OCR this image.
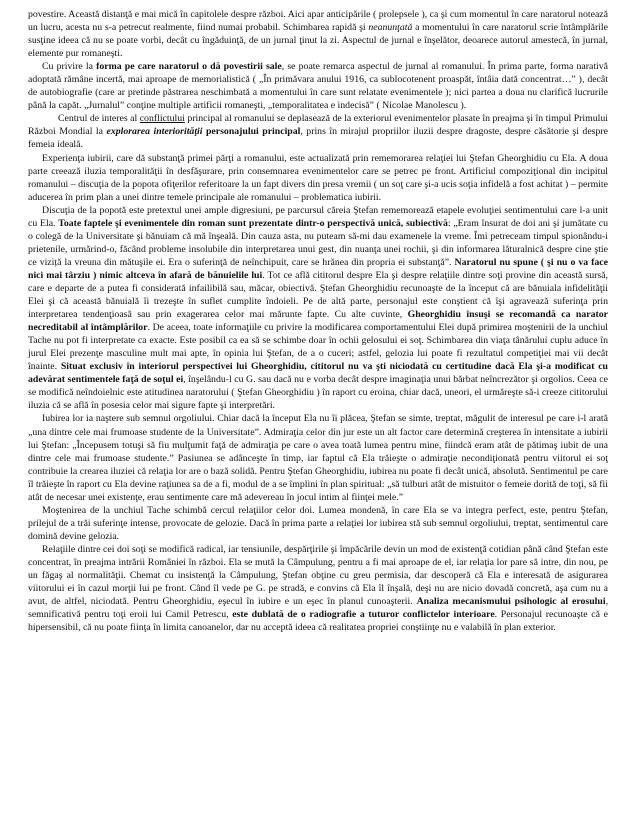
povestire. Această distanţă e mai mică în capitolele despre război. Aici apar anticipările ( prolepsele ), ca şi cum momentul în care naratorul notează un lucru, acesta nu s-a petrecut realmente, fiind numai probabil. Schimbarea rapidă şi neanunţată a momentului în care naratorul scrie întâmplările susţine ideea că nu se poate vorbi, decât cu îngăduinţă, de un jurnal ţinut la zi. Aspectul de jurnal e înşelător, deoarece autorul amestecă, în jurnal, elemente pur romaneşti.

Cu privire la forma pe care naratorul o dă povestirii sale, se poate remarca aspectul de jurnal al romanului. În prima parte, forma narativă adoptată rămâne incertă, mai aproape de memorialistică ( „În primăvara anului 1916, ca sublocotenent proaspăt, întâia dată concentrat…” ), decât de autobiografie (care ar pretinde păstrarea neschimbată a momentului în care sunt relatate evenimentele ); nici partea a doua nu clarifică lucrurile până la capăt. „Jurnalul” conţine multiple artificii romaneşti, „temporalitatea e indecisă” ( Nicolae Manolescu ).

Centrul de interes al conflictului principal al romanului se deplasează de la exteriorul evenimentelor plasate în preajma şi în timpul Primului Război Mondial la explorarea interiorităţii personajului principal, prins în mirajul propriilor iluzii despre dragoste, despre căsătorie şi despre femeia ideală.

Experienţa iubirii, care dă substanţă primei părţi a romanului, este actualizată prin rememorarea relaţiei lui Ştefan Gheorghidiu cu Ela. A doua parte creează iluzia temporalităţii în desfăşurare, prin consemnarea evenimentelor care se petrec pe front. Artificiul compoziţional din incipitul romanului – discuţia de la popota ofiţerilor referitoare la un fapt divers din presa vremii ( un soţ care şi-a ucis soţia infidelă a fost achitat ) – permite aducerea în prim plan a unei dintre temele principale ale romanului – problematica iubirii.

Discuţia de la popotă este pretextul unei ample digresiuni, pe parcursul căreia Ştefan rememorează etapele evoluţiei sentimentului care l-a unit cu Ela. Toate faptele şi evenimentele din roman sunt prezentate dintr-o perspectivă unică, subiectivă: „Eram însurat de doi ani şi jumătate cu o colegă de la Universitate şi bănuiam că mă înşeală. Din cauza asta, nu puteam să-mi dau examenele la vreme. Îmi petreceam timpul spionându-i prietenile, urmărind-o, făcând probleme insolubile din interpretarea unui gest, din nuanţa unei rochii, şi din informarea lăturalnică despre cine ştie ce viziță la vreuna din mătuşile ei. Era o suferinţă de neînchipuit, care se hrănea din propria ei substanţă”. Naratorul nu spune ( şi nu o va face nici mai târziu ) nimic altceva în afară de bănuielile lui. Tot ce află cititorul despre Ela şi despre relaţiile dintre soţi provine din această sursă, care e departe de a putea fi considerată infailibilă sau, măcar, obiectivă. Ştefan Gheorghidiu recunoaşte de la început că are bănuiala infidelităţii Elei şi că această bănuială îi trezeşte în suflet cumplite îndoieli. Pe de altă parte, personajul este conştient că îşi agravează suferinţa prin interpretarea tendenţioasă sau prin exagerarea celor mai mărunte fapte. Cu alte cuvinte, Gheorghidiu însuşi se recomandă ca narator necreditabil al întâmplărilor. De aceea, toate informaţiile cu privire la modificarea comportamentului Elei după primirea moştenirii de la unchiul Tache nu pot fi interpretate ca exacte. Este posibil ca ea să se schimbe doar în ochii gelosului ei soţ. Schimbarea din viaţa tânărului cuplu aduce în jurul Elei prezenţe masculine mult mai apte, în opinia lui Ştefan, de a o cuceri; astfel, gelozia lui poate fi rezultatul competiţiei mai vii decât înainte. Situat exclusiv în interiorul perspectivei lui Gheorghidiu, cititorul nu va şti niciodată cu certitudine dacă Ela şi-a modificat cu adevărat sentimentele faţă de soţul ei, înşelându-l cu G. sau dacă nu e vorba decât despre imaginaţia unui bărbat neîncrezător şi orgolios. Ceea ce se modifică neîndoielnic este atitudinea naratorului ( Ştefan Gheorghidiu ) în raport cu eroina, chiar dacă, uneori, el urmăreşte să-i creeze cititorului iluzia că se află în posesia celor mai sigure fapte şi interpretări.

Iubirea lor ia naştere sub semnul orgoliului. Chiar dacă la început Ela nu îi plăcea, Ştefan se simte, treptat, măgulit de interesul pe care i-l arată „una dintre cele mai frumoase studente de la Universitate”. Admiraţia celor din jur este un alt factor care determină creşterea în intensitate a iubirii lui Ştefan: „Începusem totuşi să fiu mulţumit faţă de admiraţia pe care o avea toată lumea pentru mine, fiindcă eram atât de pătimaş iubit de una dintre cele mai frumoase studente.” Pasiunea se adânceşte în timp, iar faptul că Ela trăieşte o admiraţie necondiţionată pentru viitorul ei soţ contribuie la crearea iluziei că relaţia lor are o bază solidă. Pentru Ştefan Gheorghidiu, iubirea nu poate fi decât unică, absolută. Sentimentul pe care îl trăieşte în raport cu Ela devine raţiunea sa de a fi, modul de a se împlini în plan spiritual: „să tulburi atât de mistuitor o femeie dorită de toţi, să fii atât de necesar unei existenţe, erau sentimente care mă adevereau în jocul intim al fiinţei mele.”

Moştenirea de la unchiul Tache schimbă cercul relaţiilor celor doi. Lumea mondenă, în care Ela se va integra perfect, este, pentru Ştefan, prilejul de a trăi suferinţe intense, provocate de gelozie. Dacă în prima parte a relaţiei lor iubirea stă sub semnul orgoliului, treptat, sentimentul care domină devine gelozia.

Relaţiile dintre cei doi soţi se modifică radical, iar tensiunile, despărţirile şi împăcările devin un mod de existenţă cotidian până când Ştefan este concentrat, în preajma intrării României în război. Ela se mută la Câmpulung, pentru a fi mai aproape de el, iar relaţia lor pare să intre, din nou, pe un făgaş al normalităţii. Chemat cu insistenţă la Câmpulung, Ştefan obţine cu greu permisia, dar descoperă că Ela e interesată de asigurarea viitorului ei în cazul morţii lui pe front. Când îl vede pe G. pe stradă, e convins că Ela îl înşală, deşi nu are nicio dovadă concretă, aşa cum nu a avut, de altfel, niciodată. Pentru Gheorghidiu, eşecul în iubire e un eşec în planul cunoaşterii. Analiza mecanismului psihologic al erosului, semnificativă pentru toţi eroii lui Camil Petrescu, este dublată de o radiografie a tuturor conflictelor interioare. Personajul recunoaşte că e hipersensibil, că nu poate fiinţa în limita canoanelor, dar nu acceptă ideea că realitatea propriei conştiinţe nu e valabilă în plan exterior.
